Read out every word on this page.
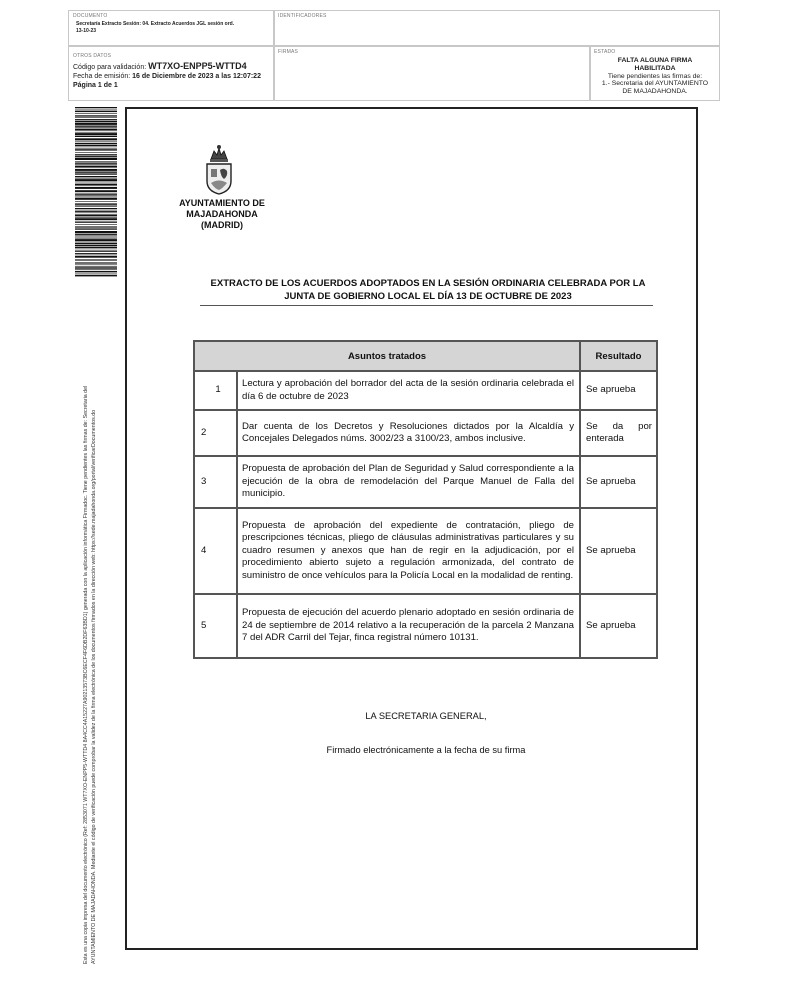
DOCUMENTO
Secretaría Extracto Sesión: 04. Extracto Acuerdos JGL sesión ord. 13-10-23
IDENTIFICADORES
OTROS DATOS
Código para validación: WT7XO-ENPP5-WTTD4
Fecha de emisión: 16 de Diciembre de 2023 a las 12:07:22
Página 1 de 1
FIRMAS	ESTADO
FALTA ALGUNA FIRMA
HABILITADA
Tiene pendientes las firmas de:
1.- Secretaria del AYUNTAMIENTO
DE MAJADAHONDA.
Esta es una copia impresa del documento electrónico (Ref: 2853071 WT7XO-ENPP5-WTTD4 8A4CC4A15227A90213573BC6ECF4F6DB2DF63BD1) generada con la aplicación informática Firmadoc. Tiene pendientes las firmas de: Secretaria del AYUNTAMIENTO DE MAJADAHONDA. Mediante el código de verificación puede comprobar la validez de la firma electrónica de los documentos firmados en la dirección web: https://sede.majadahonda.org/portal/verificarDocumentos.do
AYUNTAMIENTO DE
MAJADAHONDA
(MADRID)
EXTRACTO DE LOS ACUERDOS ADOPTADOS EN LA SESIÓN ORDINARIA CELEBRADA POR LA
JUNTA DE GOBIERNO LOCAL EL DÍA 13 DE OCTUBRE DE 2023
Asuntos tratados		Resultado
1	Lectura y aprobación del borrador del acta de la sesión ordinaria celebrada el día 6 de octubre de 2023	Se aprueba
2	Dar cuenta de los Decretos y Resoluciones dictados por la Alcaldía y Concejales Delegados núms. 3002/23 a 3100/23, ambos inclusive.	Se da por enterada
3	Propuesta de aprobación del Plan de Seguridad y Salud correspondiente a la ejecución de la obra de remodelación del Parque Manuel de Falla del municipio.	Se aprueba
4	Propuesta de aprobación del expediente de contratación, pliego de prescripciones técnicas, pliego de cláusulas administrativas particulares y su cuadro resumen y anexos que han de regir en la adjudicación, por el procedimiento abierto sujeto a regulación armonizada, del contrato de suministro de once vehículos para la Policía Local en la modalidad de renting.	Se aprueba
5	Propuesta de ejecución del acuerdo plenario adoptado en sesión ordinaria de 24 de septiembre de 2014 relativo a la recuperación de la parcela 2 Manzana 7 del ADR Carril del Tejar, finca registral número 10131.	Se aprueba
LA SECRETARIA GENERAL,
Firmado electrónicamente a la fecha de su firma
